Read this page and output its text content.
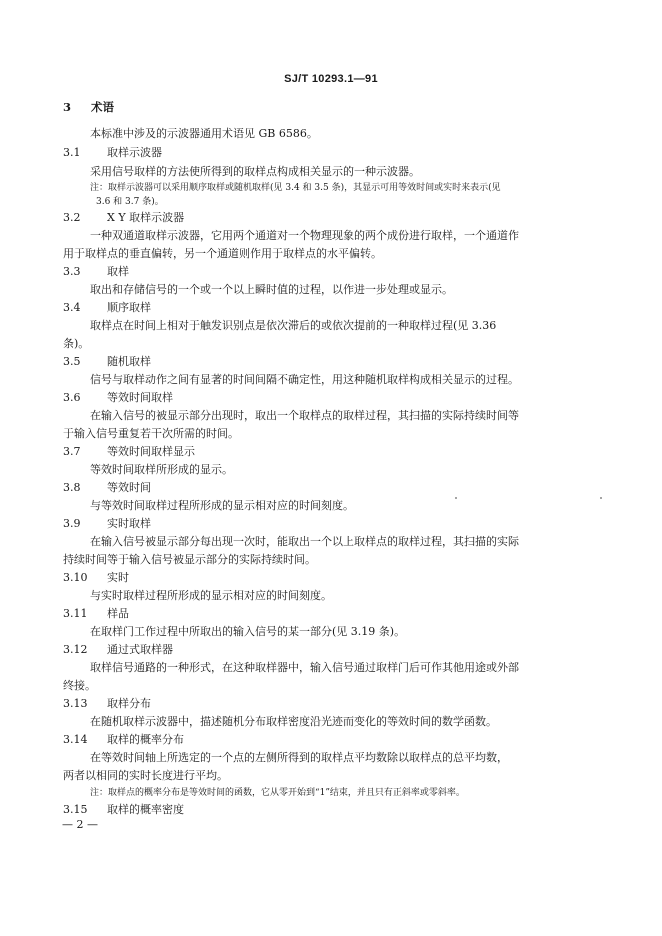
SJ/T 10293.1—91
3 术语
本标准中涉及的示波器通用术语见 GB 6586。
3.1 取样示波器
采用信号取样的方法使所得到的取样点构成相关显示的一种示波器。
注：取样示波器可以采用顺序取样或随机取样(见 3.4 和 3.5 条)，其显示可用等效时间或实时来表示(见
3.6 和 3.7 条)。
3.2 X Y 取样示波器
一种双通道取样示波器，它用两个通道对一个物理现象的两个成份进行取样，一个通道作
用于取样点的垂直偏转，另一个通道则作用于取样点的水平偏转。
3.3 取样
取出和存储信号的一个或一个以上瞬时值的过程，以作进一步处理或显示。
3.4 顺序取样
取样点在时间上相对于触发识别点是依次滞后的或依次提前的一种取样过程(见 3.36
条)。
3.5 随机取样
信号与取样动作之间有显著的时间间隔不确定性，用这种随机取样构成相关显示的过程。
3.6 等效时间取样
在输入信号的被显示部分出现时，取出一个取样点的取样过程，其扫描的实际持续时间等
于输入信号重复若干次所需的时间。
3.7 等效时间取样显示
等效时间取样所形成的显示。
3.8 等效时间
与等效时间取样过程所形成的显示相对应的时间刻度。
3.9 实时取样
在输入信号被显示部分每出现一次时，能取出一个以上取样点的取样过程，其扫描的实际
持续时间等于输入信号被显示部分的实际持续时间。
3.10 实时
与实时取样过程所形成的显示相对应的时间刻度。
3.11 样品
在取样门工作过程中所取出的输入信号的某一部分(见 3.19 条)。
3.12 通过式取样器
取样信号通路的一种形式，在这种取样器中，输入信号通过取样门后可作其他用途或外部
终接。
3.13 取样分布
在随机取样示波器中，描述随机分布取样密度沿光迹而变化的等效时间的数学函数。
3.14 取样的概率分布
在等效时间轴上所选定的一个点的左侧所得到的取样点平均数除以取样点的总平均数，
两者以相同的实时长度进行平均。
注：取样点的概率分布是等效时间的函数，它从零开始到“1”结束，并且只有正斜率或零斜率。
3.15 取样的概率密度
— 2 —
